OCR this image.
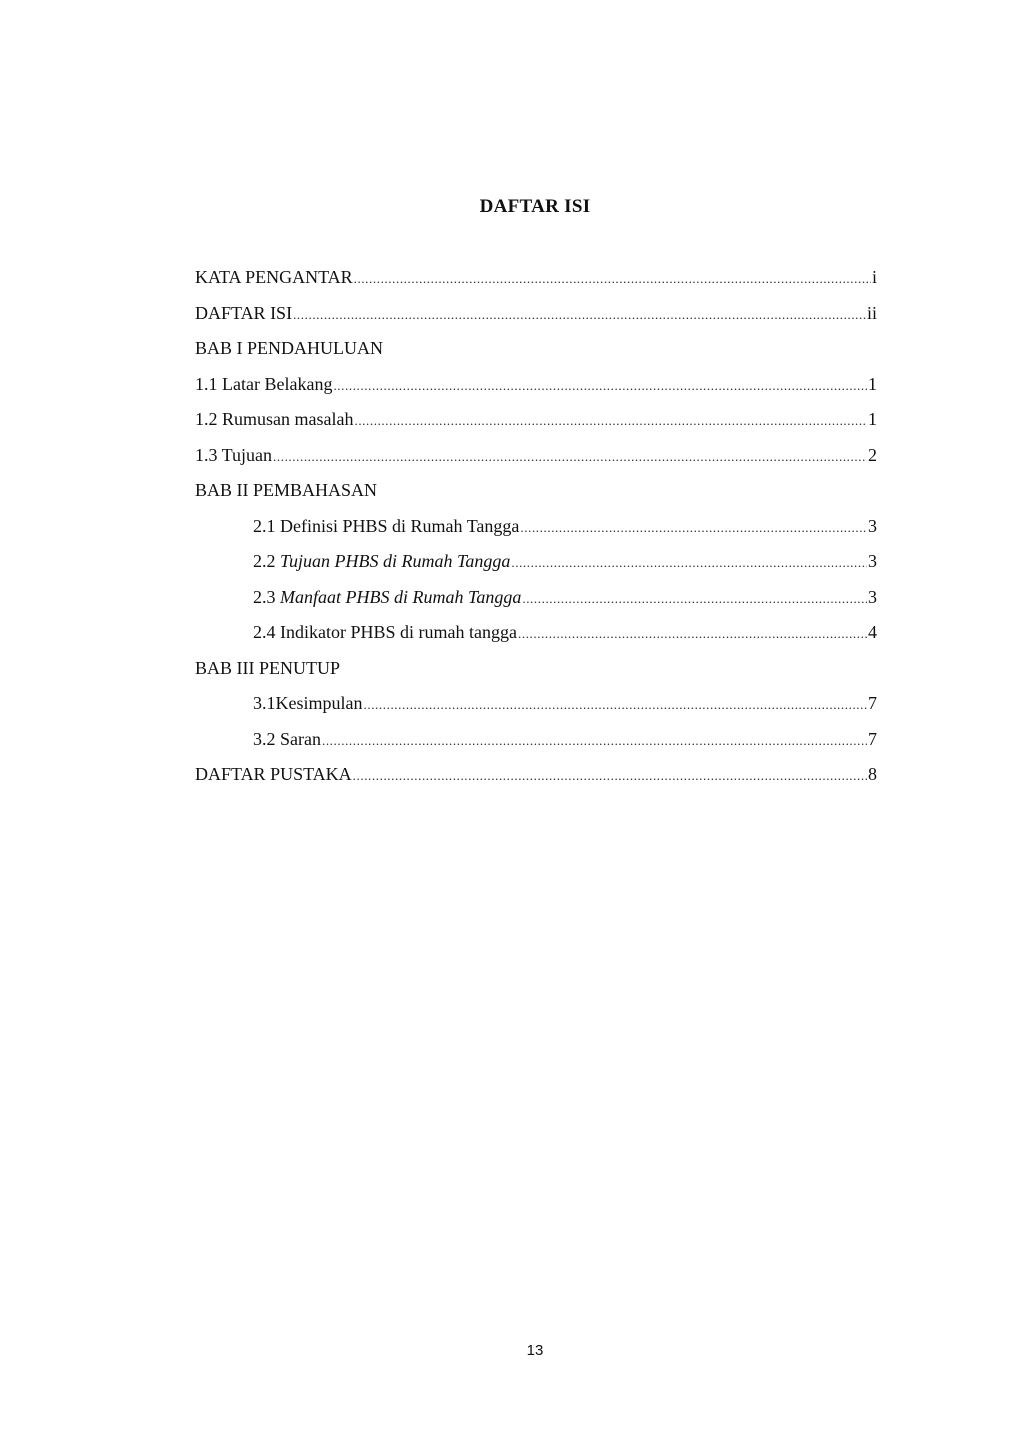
DAFTAR ISI
KATA PENGANTAR .....	i
DAFTAR ISI .....	ii
BAB I PENDAHULUAN
1.1 Latar Belakang .....	1
1.2 Rumusan masalah .....	1
1.3 Tujuan .....	2
BAB II PEMBAHASAN
2.1 Definisi PHBS di Rumah Tangga .....	3
2.2 Tujuan PHBS di Rumah Tangga .....	3
2.3 Manfaat PHBS di Rumah Tangga .....	3
2.4 Indikator PHBS di rumah tangga .....	4
BAB III PENUTUP
3.1Kesimpulan .....	7
3.2 Saran .....	7
DAFTAR PUSTAKA .....	8
13
